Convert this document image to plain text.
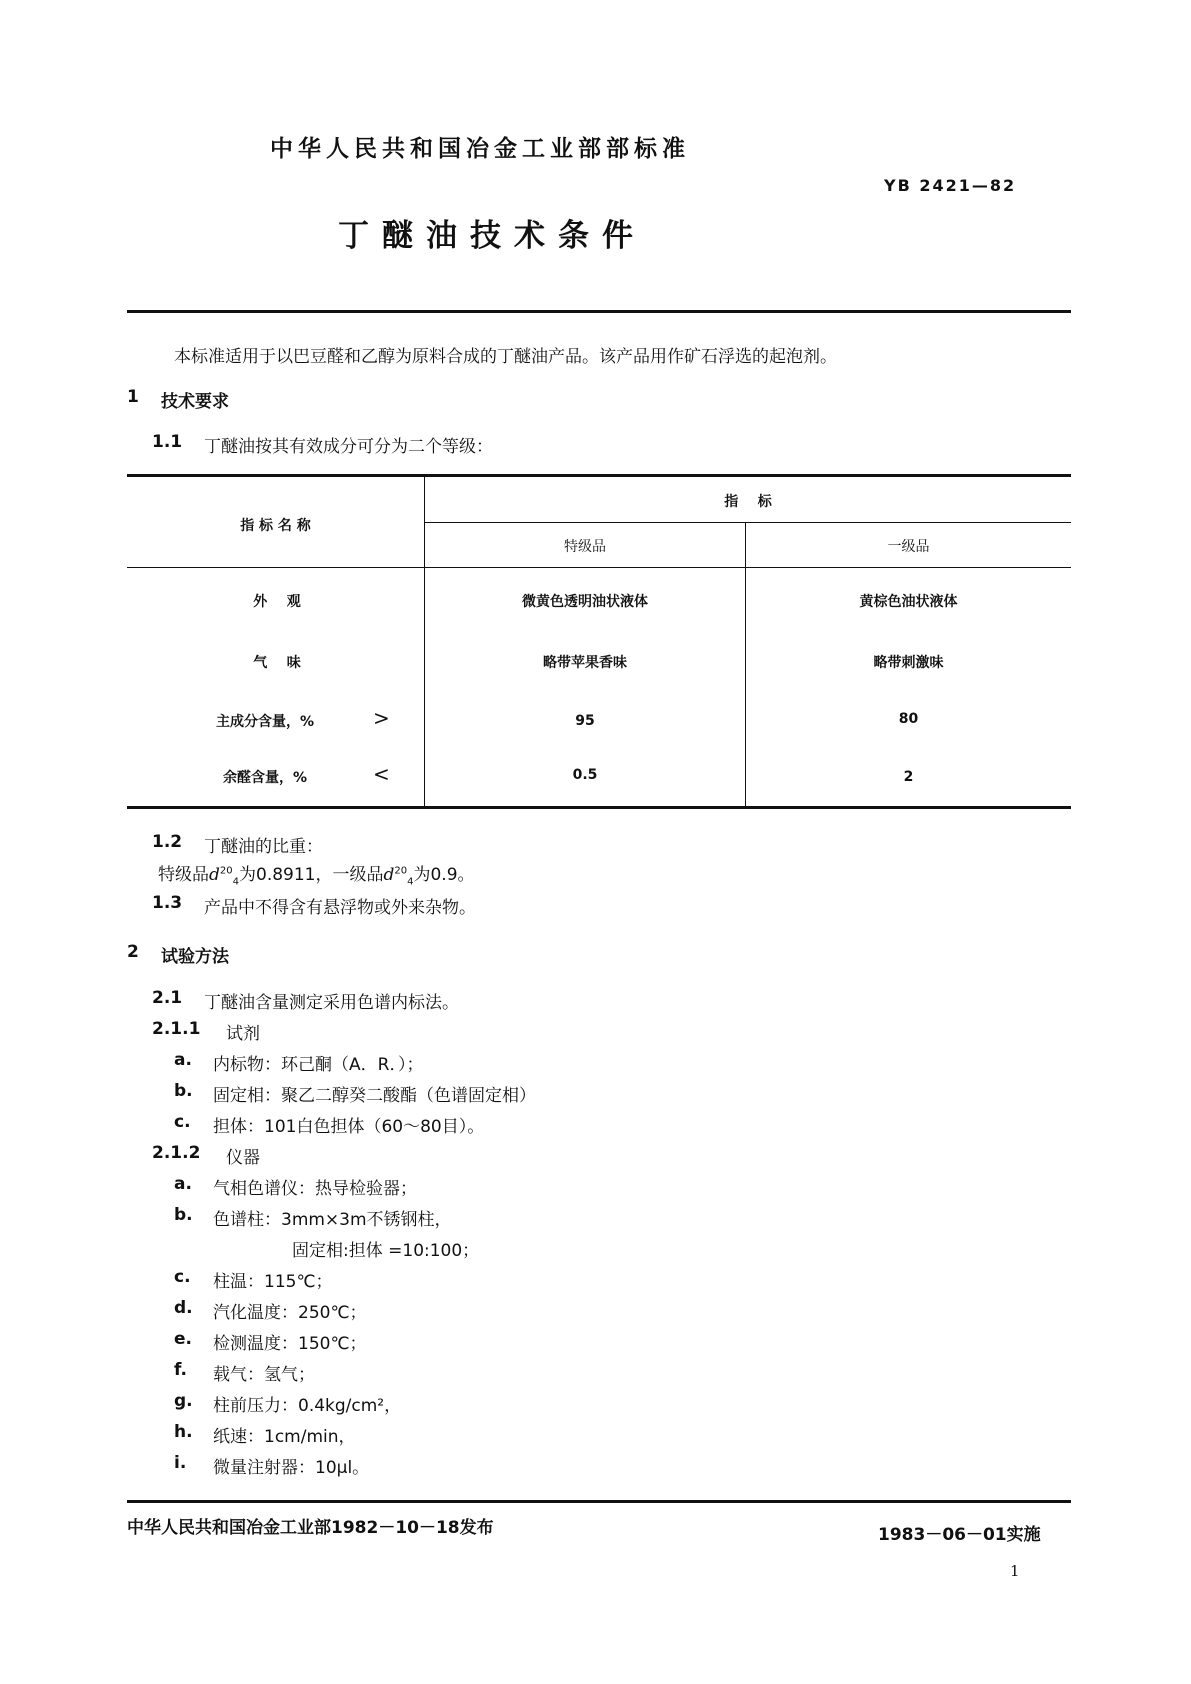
中华人民共和国冶金工业部部标准
YB 2421—82
丁醚油技术条件
本标准适用于以巴豆醛和乙醇为原料合成的丁醚油产品。该产品用作矿石浮选的起泡剂。
1 技术要求
1.1 丁醚油按其有效成分可分为二个等级：
指 标 名 称
指    标
特级品	一级品
外    观	微黄色透明油状液体	黄棕色油状液体
气    味	略带苹果香味	略带刺激味
主成分含量，%	>	95	80
余醛含量，%	<	0.5	2
1.2 丁醚油的比重：
特级品$d^{20}_4$为0.8911，一级品$d^{20}_4$为0.9。
1.3 产品中不得含有悬浮物或外来杂物。
2 试验方法
2.1 丁醚油含量测定采用色谱内标法。
2.1.1 试剂
a. 内标物：环己酮（A．R．）；
b. 固定相：聚乙二醇癸二酸酯（色谱固定相）
c. 担体：101白色担体（60～80目）。
2.1.2 仪器
a. 气相色谱仪：热导检验器；
b. 色谱柱：3mm×3m不锈钢柱，
固定相:担体 =10:100；
c. 柱温：115℃；
d. 汽化温度：250℃；
e. 检测温度：150℃；
f. 载气：氢气；
g. 柱前压力：0.4kg/cm²，
h. 纸速：1cm/min，
i. 微量注射器：10μl。
中华人民共和国冶金工业部1982－10－18发布	1983－06－01实施
1
